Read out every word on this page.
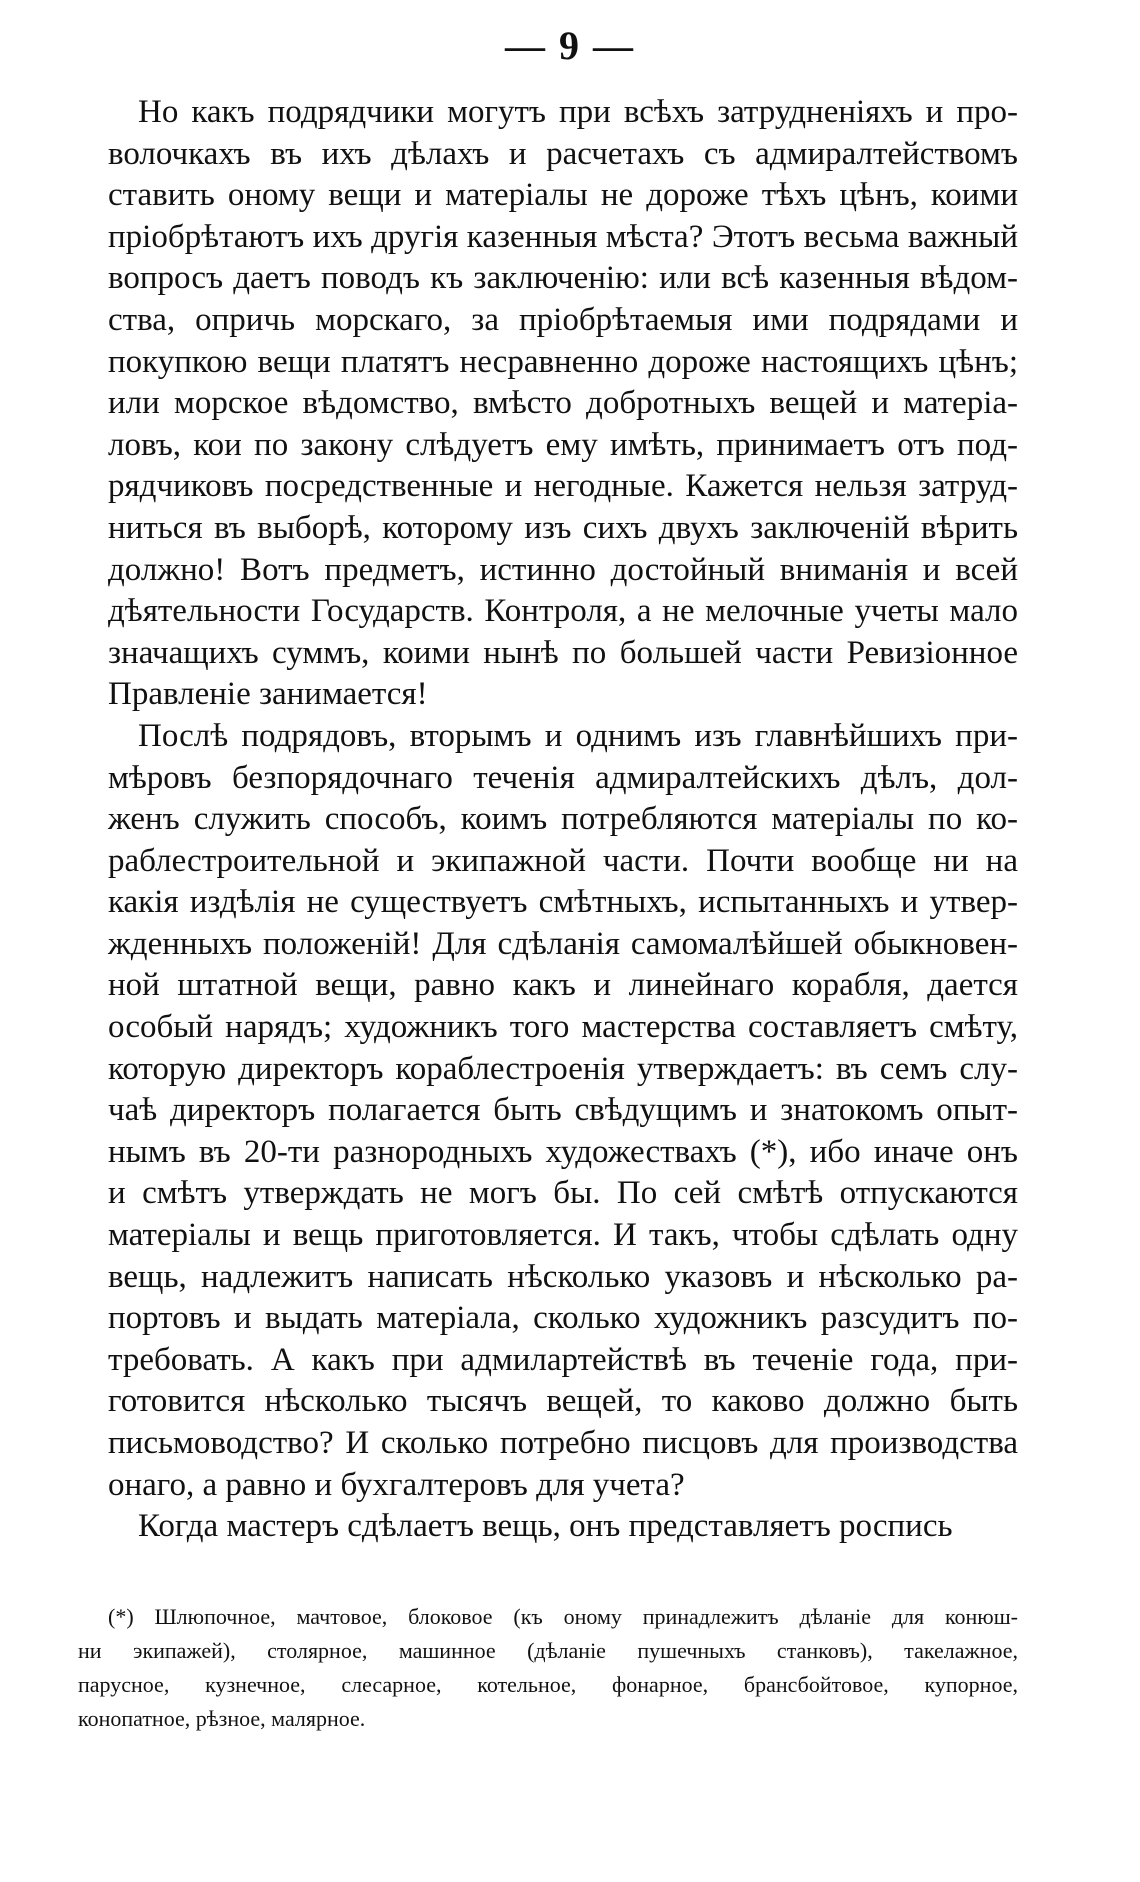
— 9 —
Но какъ подрядчики могутъ при всѣхъ затрудненіяхъ и про-
волочкахъ въ ихъ дѣлахъ и расчетахъ съ адмиралтействомъ
ставить оному вещи и матеріалы не дороже тѣхъ цѣнъ, коими
пріобрѣтаютъ ихъ другія казенныя мѣста? Этотъ весьма важный
вопросъ даетъ поводъ къ заключенію: или всѣ казенныя вѣдом-
ства, опричь морскаго, за пріобрѣтаемыя ими подрядами и
покупкою вещи платятъ несравненно дороже настоящихъ цѣнъ;
или морское вѣдомство, вмѣсто добротныхъ вещей и матеріа-
ловъ, кои по закону слѣдуетъ ему имѣть, принимаетъ отъ под-
рядчиковъ посредственные и негодные. Кажется нельзя затруд-
ниться въ выборѣ, которому изъ сихъ двухъ заключеній вѣрить
должно! Вотъ предметъ, истинно достойный вниманія и всей
дѣятельности Государств. Контроля, а не мелочные учеты мало
значащихъ суммъ, коими нынѣ по большей части Ревизіонное
Правленіе занимается!
Послѣ подрядовъ, вторымъ и однимъ изъ главнѣйшихъ при-
мѣровъ безпорядочнаго теченія адмиралтейскихъ дѣлъ, дол-
женъ служить способъ, коимъ потребляются матеріалы по ко-
раблестроительной и экипажной части. Почти вообще ни на
какія издѣлія не существуетъ смѣтныхъ, испытанныхъ и утвер-
жденныхъ положеній! Для сдѣланія самомалѣйшей обыкновен-
ной штатной вещи, равно какъ и линейнаго корабля, дается
особый нарядъ; художникъ того мастерства составляетъ смѣту,
которую директоръ кораблестроенія утверждаетъ: въ семъ слу-
чаѣ директоръ полагается быть свѣдущимъ и знатокомъ опыт-
нымъ въ 20-ти разнородныхъ художествахъ (*), ибо иначе онъ
и смѣтъ утверждать не могъ бы. По сей смѣтѣ отпускаются
матеріалы и вещь приготовляется. И такъ, чтобы сдѣлать одну
вещь, надлежитъ написать нѣсколько указовъ и нѣсколько ра-
портовъ и выдать матеріала, сколько художникъ разсудитъ по-
требовать. А какъ при адмилартействѣ въ теченіе года, при-
готовится нѣсколько тысячъ вещей, то каково должно быть
письмоводство? И сколько потребно писцовъ для производства
онаго, а равно и бухгалтеровъ для учета?
Когда мастеръ сдѣлаетъ вещь, онъ представляетъ роспись
(*) Шлюпочное, мачтовое, блоковое (къ оному принадлежитъ дѣланіе для конюш-
ни экипажей), столярное, машинное (дѣланіе пушечныхъ станковъ), такелажное,
парусное, кузнечное, слесарное, котельное, фонарное, брансбойтовое, купорное,
конопатное, рѣзное, малярное.
